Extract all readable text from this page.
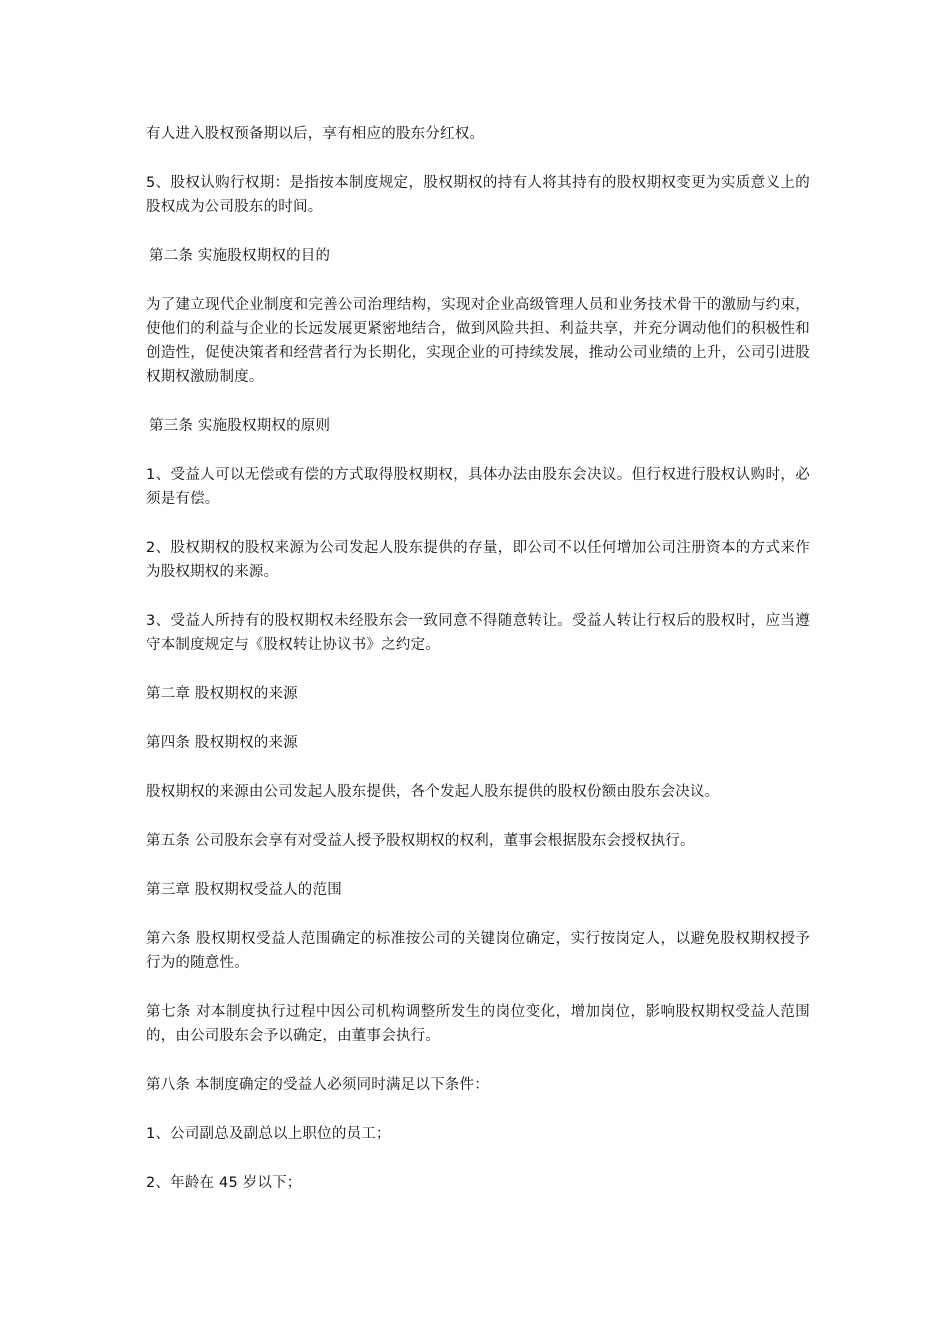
有人进入股权预备期以后，享有相应的股东分红权。

5、股权认购行权期：是指按本制度规定，股权期权的持有人将其持有的股权期权变更为实质意义上的股权成为公司股东的时间。

第二条 实施股权期权的目的

为了建立现代企业制度和完善公司治理结构，实现对企业高级管理人员和业务技术骨干的激励与约束，使他们的利益与企业的长远发展更紧密地结合，做到风险共担、利益共享，并充分调动他们的积极性和创造性，促使决策者和经营者行为长期化，实现企业的可持续发展，推动公司业绩的上升，公司引进股权期权激励制度。

第三条 实施股权期权的原则

1、受益人可以无偿或有偿的方式取得股权期权，具体办法由股东会决议。但行权进行股权认购时，必须是有偿。

2、股权期权的股权来源为公司发起人股东提供的存量，即公司不以任何增加公司注册资本的方式来作为股权期权的来源。

3、受益人所持有的股权期权未经股东会一致同意不得随意转让。受益人转让行权后的股权时，应当遵守本制度规定与《股权转让协议书》之约定。

第二章 股权期权的来源

第四条 股权期权的来源

股权期权的来源由公司发起人股东提供，各个发起人股东提供的股权份额由股东会决议。

第五条 公司股东会享有对受益人授予股权期权的权利，董事会根据股东会授权执行。

第三章 股权期权受益人的范围

第六条 股权期权受益人范围确定的标准按公司的关键岗位确定，实行按岗定人，以避免股权期权授予行为的随意性。

第七条 对本制度执行过程中因公司机构调整所发生的岗位变化，增加岗位，影响股权期权受益人范围的，由公司股东会予以确定，由董事会执行。

第八条 本制度确定的受益人必须同时满足以下条件：

1、公司副总及副总以上职位的员工；

2、年龄在 45 岁以下；
